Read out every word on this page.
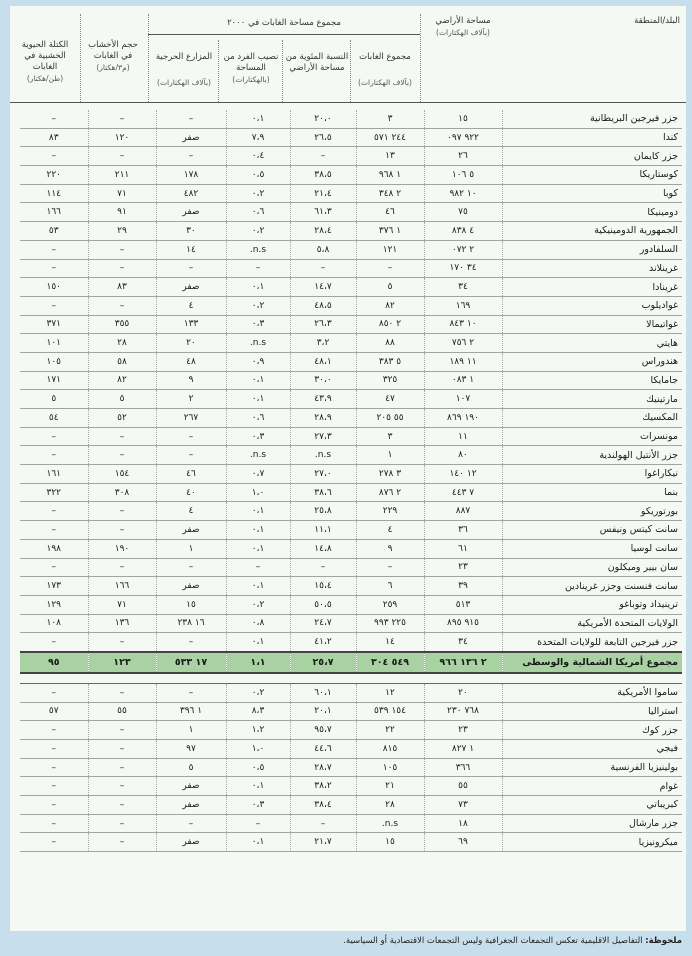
البلد/المنطقة
مساحة الأراضي
(بآلاف الهكتارات)
مجموع مساحة الغابات في ٢٠٠٠
مجموع الغابات
(بآلاف الهكتارات)
النسبة المئوية من مساحة الأراضي
نصيب الفرد من المساحة
(بالهكتارات)
المزارع الحرجية
(بآلاف الهكتارات)
حجم الأخشاب في الغابات
(م٣/هكتار)
الكتلة الحيوية الخشبية في الغابات
(طن/هكتار)
جزر فيرجين البريطانية	١٥	٣	٢٠،٠	٠،١	–	–	–
كندا	٩٢٢ ٠٩٧	٢٤٤ ٥٧١	٢٦،٥	٧،٩	صفر	١٢٠	٨٣
جزر كايمان	٢٦	١٣	–	٠،٤	–	–	–
كوستاريكا	٥ ١٠٦	١ ٩٦٨	٣٨،٥	٠،٥	١٧٨	٢١١	٢٢٠
كوبا	١٠ ٩٨٢	٢ ٣٤٨	٢١،٤	٠،٢	٤٨٢	٧١	١١٤
دومينيكا	٧٥	٤٦	٦١،٣	٠،٦	صفر	٩١	١٦٦
الجمهورية الدومينيكية	٤ ٨٣٨	١ ٣٧٦	٢٨،٤	٠،٢	٣٠	٢٩	٥٣
السلفادور	٢ ٠٧٢	١٢١	٥،٨	n.s.	١٤	–	–
غرينلاند	٣٤ ١٧٠	–	–	–	–	–	–
غرينادا	٣٤	٥	١٤،٧	٠،١	صفر	٨٣	١٥٠
غواديلوب	١٦٩	٨٢	٤٨،٥	٠،٢	٤	–	–
غواتيمالا	١٠ ٨٤٣	٢ ٨٥٠	٢٦،٣	٠،٣	١٣٣	٣٥٥	٣٧١
هايتي	٢ ٧٥٦	٨٨	٣،٢	n.s.	٢٠	٢٨	١٠١
هندوراس	١١ ١٨٩	٥ ٣٨٣	٤٨،١	٠،٩	٤٨	٥٨	١٠٥
جامايكا	١ ٠٨٣	٣٢٥	٣٠،٠	٠،١	٩	٨٢	١٧١
مارتينيك	١٠٧	٤٧	٤٣،٩	٠،١	٢	٥	٥
المكسيك	١٩٠ ٨٦٩	٥٥ ٢٠٥	٢٨،٩	٠،٦	٢٦٧	٥٢	٥٤
مونسرات	١١	٣	٢٧،٣	٠،٣	–	–	–
جزر الأنتيل الهولندية	٨٠	١	n.s.	n.s.	–	–	–
نيكاراغوا	١٢ ١٤٠	٣ ٢٧٨	٢٧،٠	٠،٧	٤٦	١٥٤	١٦١
بنما	٧ ٤٤٣	٢ ٨٧٦	٣٨،٦	١،٠	٤٠	٣٠٨	٣٢٢
بورتوريكو	٨٨٧	٢٢٩	٢٥،٨	٠،١	٤	–	–
سانت كيتس ونيفس	٣٦	٤	١١،١	٠،١	صفر	–	–
سانت لوسيا	٦١	٩	١٤،٨	٠،١	١	١٩٠	١٩٨
سان بيير وميكلون	٢٣	–	–	–	–	–	–
سانت فنسنت وجزر غرينادين	٣٩	٦	١٥،٤	٠،١	صفر	١٦٦	١٧٣
ترينيداد وتوباغو	٥١٣	٢٥٩	٥٠،٥	٠،٢	١٥	٧١	١٢٩
الولايات المتحدة الأمريكية	٩١٥ ٨٩٥	٢٢٥ ٩٩٣	٢٤،٧	٠،٨	١٦ ٢٣٨	١٣٦	١٠٨
جزر فيرجين التابعة للولايات المتحدة	٣٤	١٤	٤١،٢	٠،١	–	–	–
مجموع أمريكا الشمالية والوسطى	٢ ١٣٦ ٩٦٦	٥٤٩ ٣٠٤	٢٥،٧	١،١	١٧ ٥٣٣	١٢٣	٩٥

ساموا الأمريكية	٢٠	١٢	٦٠،١	٠،٢	–	–	–
استراليا	٧٦٨ ٢٣٠	١٥٤ ٥٣٩	٢٠،١	٨،٣	١ ٣٩٦	٥٥	٥٧
جزر كوك	٢٣	٢٢	٩٥،٧	١،٢	١	–	–
فيجي	١ ٨٢٧	٨١٥	٤٤،٦	١،٠	٩٧	–	–
بولينيزيا الفرنسية	٣٦٦	١٠٥	٢٨،٧	٠،٥	٥	–	–
غوام	٥٥	٢١	٣٨،٢	٠،١	صفر	–	–
كيريباتي	٧٣	٢٨	٣٨،٤	٠،٣	صفر	–	–
جزر مارشال	١٨	n.s.	–	–	–	–	–
ميكرونيزيا	٦٩	١٥	٢١،٧	٠،١	صفر	–	–
ملحوظة: التفاصيل الاقليمية تعكس التجمعات الجغرافية وليس التجمعات الاقتصادية أو السياسية.
